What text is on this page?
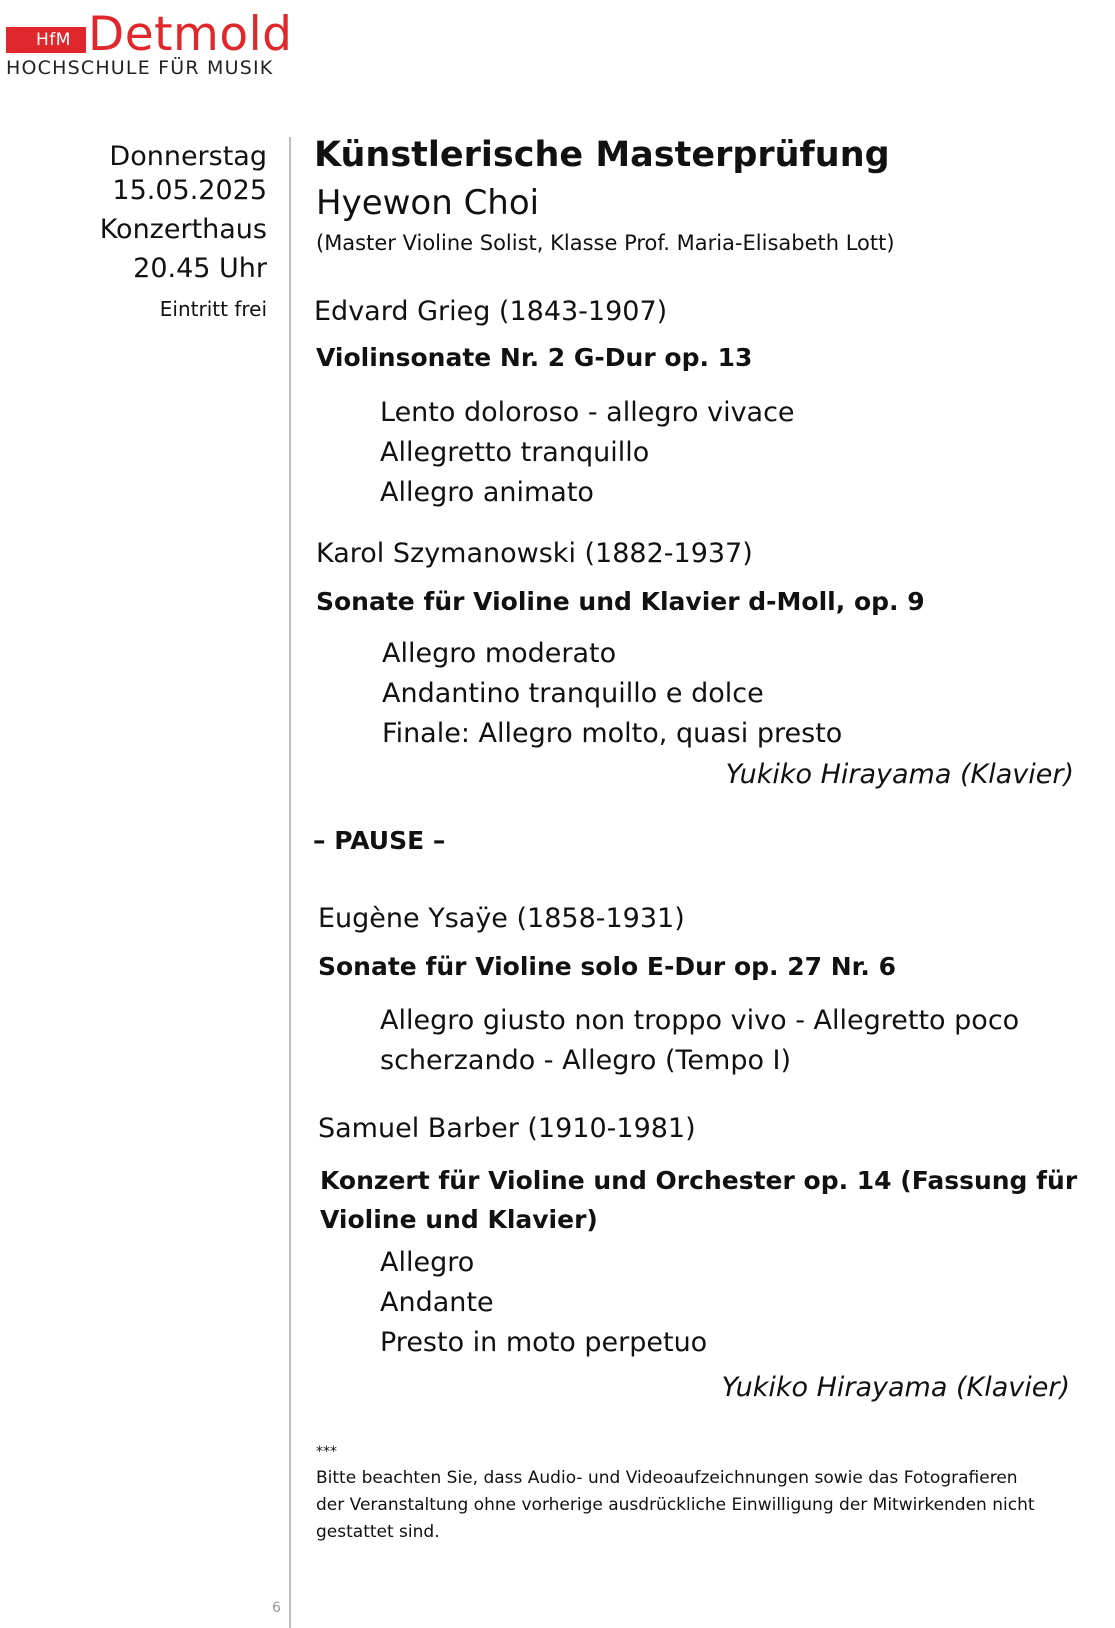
HfM Detmold
HOCHSCHULE FÜR MUSIK
Donnerstag
15.05.2025
Konzerthaus
20.45 Uhr
Eintritt frei
6
Künstlerische Masterprüfung
Hyewon Choi
(Master Violine Solist, Klasse Prof. Maria-Elisabeth Lott)
Edvard Grieg (1843-1907)
Violinsonate Nr. 2 G-Dur op. 13
Lento doloroso - allegro vivace
Allegretto tranquillo
Allegro animato
Karol Szymanowski (1882-1937)
Sonate für Violine und Klavier d-Moll, op. 9
Allegro moderato
Andantino tranquillo e dolce
Finale: Allegro molto, quasi presto
Yukiko Hirayama (Klavier)
– PAUSE –
Eugène Ysaÿe (1858-1931)
Sonate für Violine solo E-Dur op. 27 Nr. 6
Allegro giusto non troppo vivo - Allegretto poco
scherzando - Allegro (Tempo I)
Samuel Barber (1910-1981)
Konzert für Violine und Orchester op. 14 (Fassung für Violine und Klavier)
Allegro
Andante
Presto in moto perpetuo
Yukiko Hirayama (Klavier)
***
Bitte beachten Sie, dass Audio- und Videoaufzeichnungen sowie das Fotografieren der Veranstaltung ohne vorherige ausdrückliche Einwilligung der Mitwirkenden nicht gestattet sind.
